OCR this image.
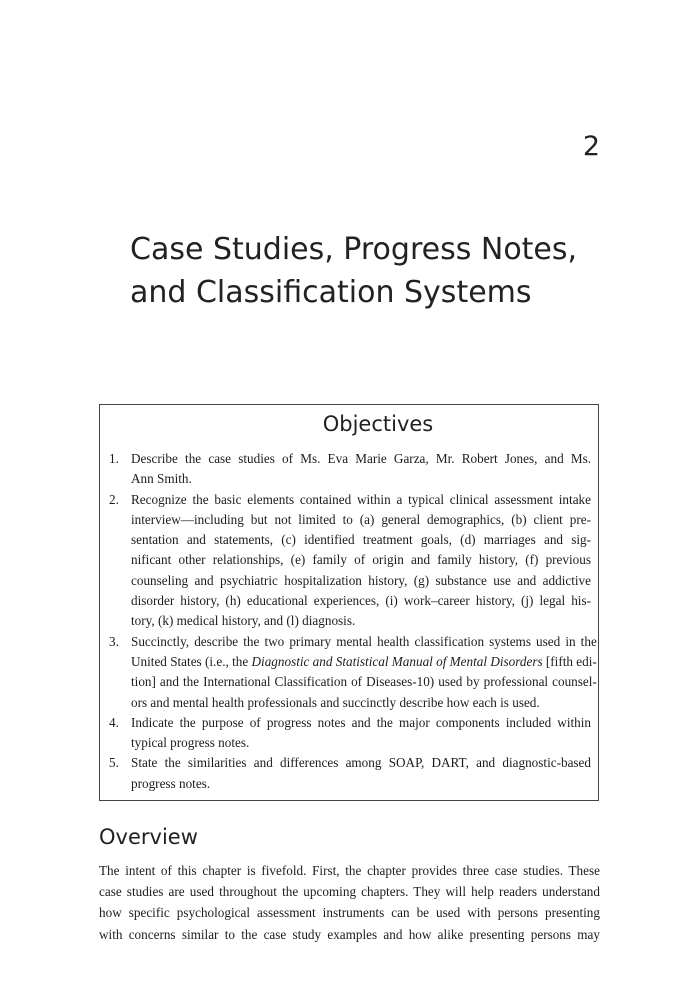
2
Case Studies, Progress Notes,
and Classification Systems
Objectives
1. Describe the case studies of Ms. Eva Marie Garza, Mr. Robert Jones, and Ms.
Ann Smith.
2. Recognize the basic elements contained within a typical clinical assessment intake
interview—including but not limited to (a) general demographics, (b) client pre-
sentation and statements, (c) identified treatment goals, (d) marriages and sig-
nificant other relationships, (e) family of origin and family history, (f) previous
counseling and psychiatric hospitalization history, (g) substance use and addictive
disorder history, (h) educational experiences, (i) work–career history, (j) legal his-
tory, (k) medical history, and (l) diagnosis.
3. Succinctly, describe the two primary mental health classification systems used in the
United States (i.e., the Diagnostic and Statistical Manual of Mental Disorders [fifth edi-
tion] and the International Classification of Diseases-10) used by professional counsel-
ors and mental health professionals and succinctly describe how each is used.
4. Indicate the purpose of progress notes and the major components included within
typical progress notes.
5. State the similarities and differences among SOAP, DART, and diagnostic-based
progress notes.
Overview

The intent of this chapter is fivefold. First, the chapter provides three case studies. These
case studies are used throughout the upcoming chapters. They will help readers understand
how specific psychological assessment instruments can be used with persons presenting
with concerns similar to the case study examples and how alike presenting persons may
